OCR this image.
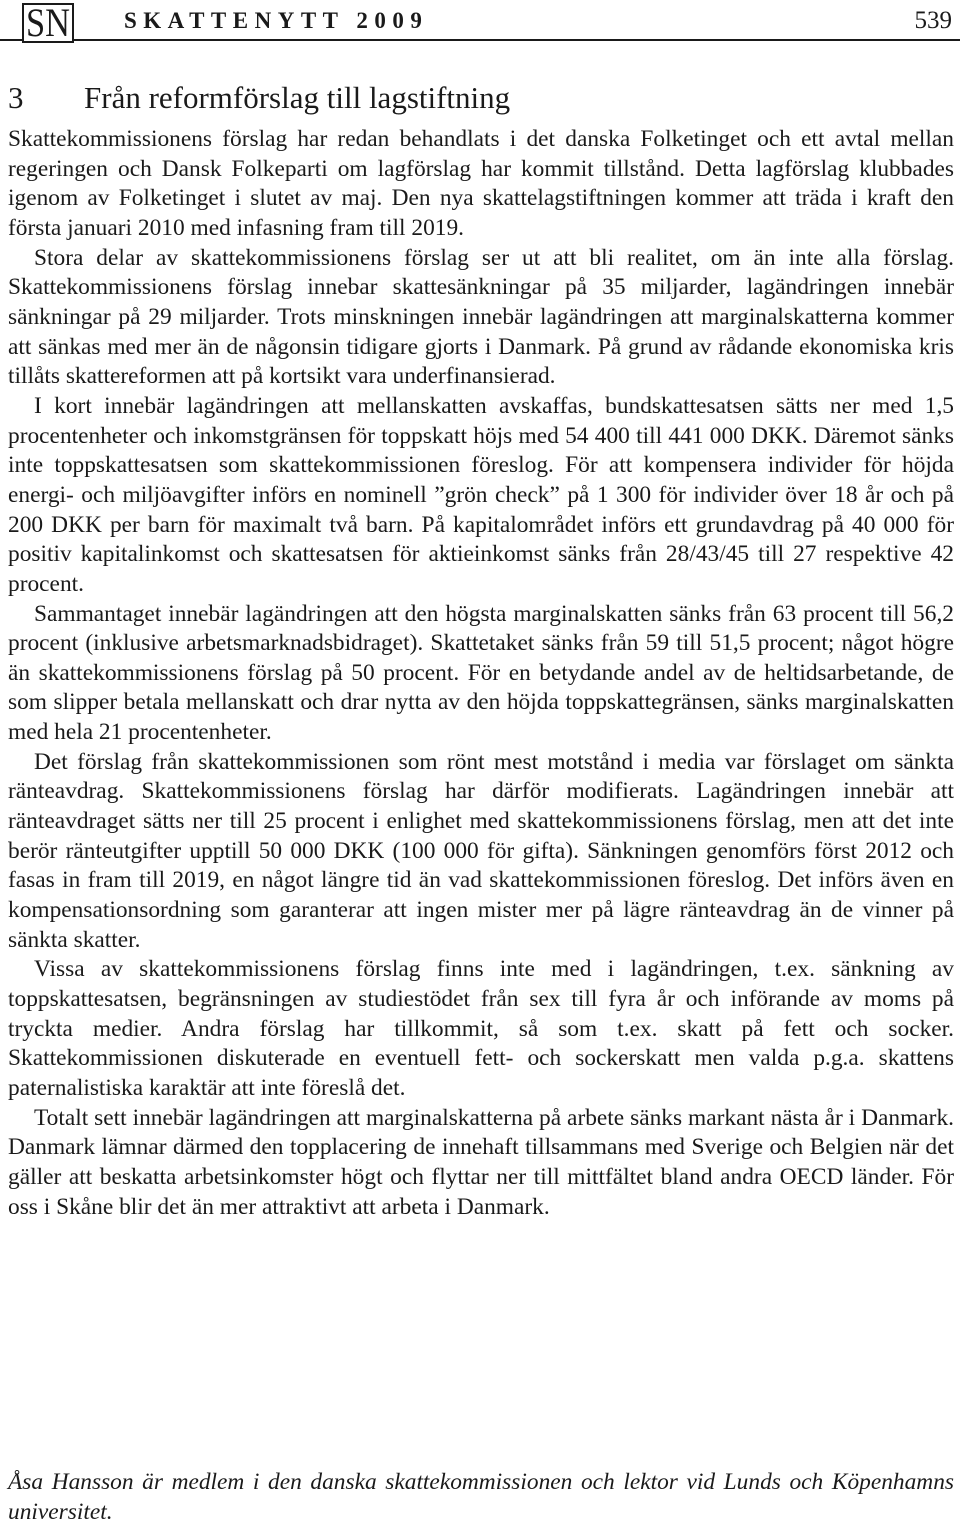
SN SKATTENYTT 2009	539
3 Från reformförslag till lagstiftning

Skattekommissionens förslag har redan behandlats i det danska Folketinget och ett avtal mellan regeringen och Dansk Folkeparti om lagförslag har kommit tillstånd. Detta lagförslag klubbades igenom av Folketinget i slutet av maj. Den nya skattelagstiftningen kommer att träda i kraft den första januari 2010 med infasning fram till 2019.

Stora delar av skattekommissionens förslag ser ut att bli realitet, om än inte alla förslag. Skattekommissionens förslag innebar skattesänkningar på 35 miljarder, lagändringen innebär sänkningar på 29 miljarder. Trots minskningen innebär lagändringen att marginalskatterna kommer att sänkas med mer än de någonsin tidigare gjorts i Danmark. På grund av rådande ekonomiska kris tillåts skattereformen att på kortsikt vara underfinansierad.

I kort innebär lagändringen att mellanskatten avskaffas, bundskattesatsen sätts ner med 1,5 procentenheter och inkomstgränsen för toppskatt höjs med 54 400 till 441 000 DKK. Däremot sänks inte toppskattesatsen som skattekommissionen föreslog. För att kompensera individer för höjda energi- och miljöavgifter införs en nominell ”grön check” på 1 300 för individer över 18 år och på 200 DKK per barn för maximalt två barn. På kapitalområdet införs ett grundavdrag på 40 000 för positiv kapitalinkomst och skattesatsen för aktieinkomst sänks från 28/43/45 till 27 respektive 42 procent.

Sammantaget innebär lagändringen att den högsta marginalskatten sänks från 63 procent till 56,2 procent (inklusive arbetsmarknadsbidraget). Skattetaket sänks från 59 till 51,5 procent; något högre än skattekommissionens förslag på 50 procent. För en betydande andel av de heltidsarbetande, de som slipper betala mellanskatt och drar nytta av den höjda toppskattegränsen, sänks marginalskatten med hela 21 procentenheter.

Det förslag från skattekommissionen som rönt mest motstånd i media var förslaget om sänkta ränteavdrag. Skattekommissionens förslag har därför modifierats. Lagändringen innebär att ränteavdraget sätts ner till 25 procent i enlighet med skattekommissionens förslag, men att det inte berör ränteutgifter upptill 50 000 DKK (100 000 för gifta). Sänkningen genomförs först 2012 och fasas in fram till 2019, en något längre tid än vad skattekommissionen föreslog. Det införs även en kompensationsordning som garanterar att ingen mister mer på lägre ränteavdrag än de vinner på sänkta skatter.

Vissa av skattekommissionens förslag finns inte med i lagändringen, t.ex. sänkning av toppskattesatsen, begränsningen av studiestödet från sex till fyra år och införande av moms på tryckta medier. Andra förslag har tillkommit, så som t.ex. skatt på fett och socker. Skattekommissionen diskuterade en eventuell fett- och sockerskatt men valda p.g.a. skattens paternalistiska karaktär att inte föreslå det.

Totalt sett innebär lagändringen att marginalskatterna på arbete sänks markant nästa år i Danmark. Danmark lämnar därmed den topplacering de innehaft tillsammans med Sverige och Belgien när det gäller att beskatta arbetsinkomster högt och flyttar ner till mittfältet bland andra OECD länder. För oss i Skåne blir det än mer attraktivt att arbeta i Danmark.

Åsa Hansson är medlem i den danska skattekommissionen och lektor vid Lunds och Köpenhamns universitet.
